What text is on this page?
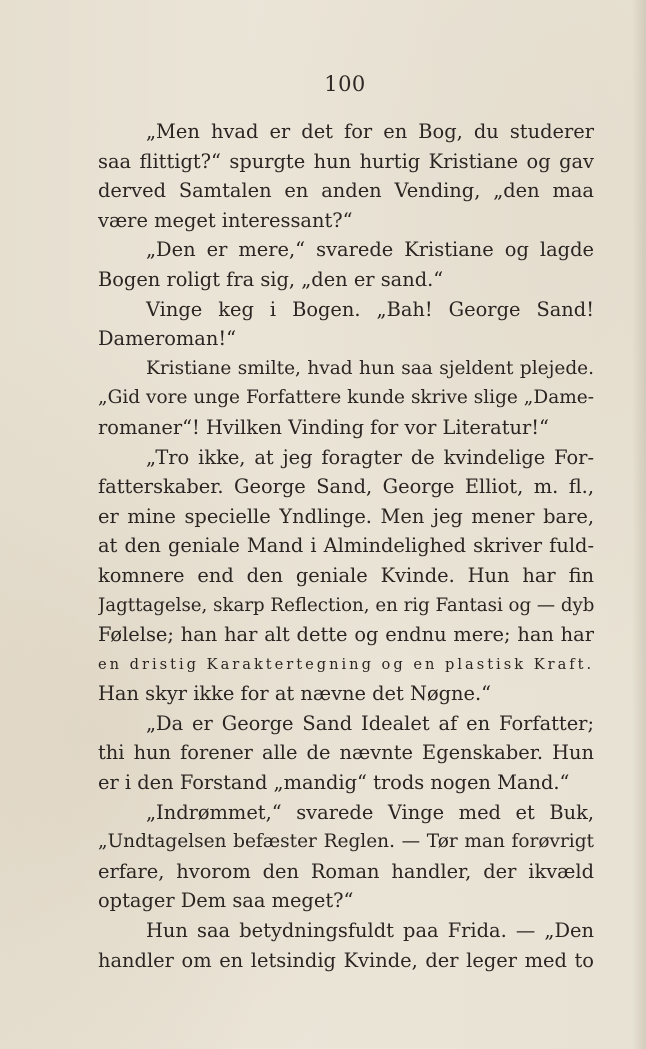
100
„Men hvad er det for en Bog, du studerer
saa flittigt?“ spurgte hun hurtig Kristiane og gav
derved Samtalen en anden Vending, „den maa
være meget interessant?“
„Den er mere,“ svarede Kristiane og lagde
Bogen roligt fra sig, „den er sand.“
Vinge keg i Bogen. „Bah! George Sand!
Dameroman!“
Kristiane smilte, hvad hun saa sjeldent plejede.
„Gid vore unge Forfattere kunde skrive slige „Dame-
romaner“! Hvilken Vinding for vor Literatur!“
„Tro ikke, at jeg foragter de kvindelige For-
fatterskaber. George Sand, George Elliot, m. fl.,
er mine specielle Yndlinge. Men jeg mener bare,
at den geniale Mand i Almindelighed skriver fuld-
komnere end den geniale Kvinde. Hun har fin
Jagttagelse, skarp Reflection, en rig Fantasi og — dyb
Følelse; han har alt dette og endnu mere; han har
en dristig Karaktertegning og en plastisk Kraft.
Han skyr ikke for at nævne det Nøgne.“
„Da er George Sand Idealet af en Forfatter;
thi hun forener alle de nævnte Egenskaber. Hun
er i den Forstand „mandig“ trods nogen Mand.“
„Indrømmet,“ svarede Vinge med et Buk,
„Undtagelsen befæster Reglen. — Tør man forøvrigt
erfare, hvorom den Roman handler, der ikvæld
optager Dem saa meget?“
Hun saa betydningsfuldt paa Frida. — „Den
handler om en letsindig Kvinde, der leger med to
